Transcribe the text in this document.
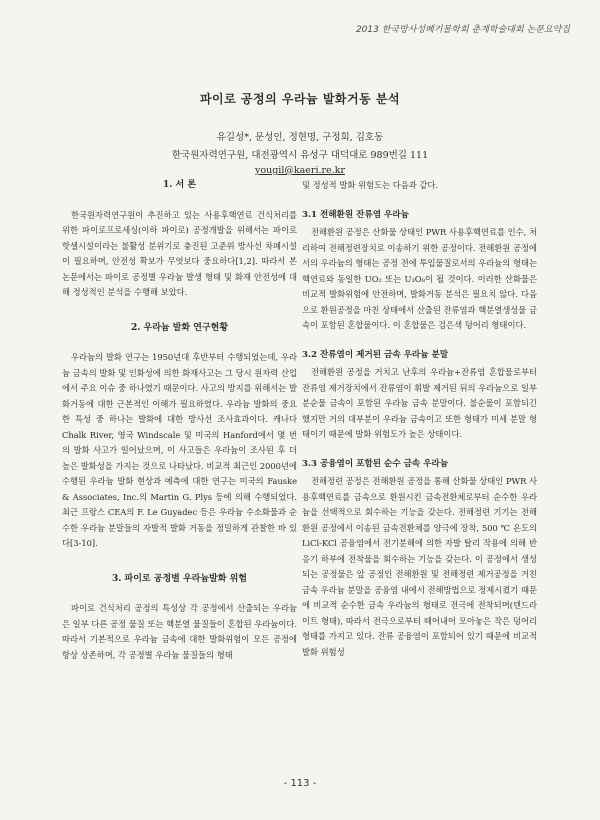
2013 한국방사성폐기물학회 춘계학술대회 논문요약집
파이로 공정의 우라늄 발화거동 분석
유길성*, 문성인, 정현명, 구정회, 김호동
한국원자력연구원, 대전광역시 유성구 대덕대로 989번길 111
yougil@kaeri.re.kr
1. 서 론

한국원자력연구원이 추진하고 있는 사용후핵연료 건식처리를 위한 파이로프로세싱(이하 파이로) 공정개발을 위해서는 파이로 핫셀시설이라는 불활성 분위기로 충진된 고준위 방사선 차폐시설이 필요하며, 안전성 확보가 무엇보다 중요하다[1,2]. 따라서 본 논문에서는 파이로 공정별 우라늄 발생 형태 및 화재 안전성에 대해 정성적인 분석을 수행해 보았다.

2. 우라늄 발화 연구현황

우라늄의 발화 연구는 1950년대 후반부터 수행되었는데, 우라늄 금속의 발화 및 인화성에 의한 화재사고는 그 당시 원자력 산업에서 주요 이슈 중 하나였기 때문이다. 사고의 방지를 위해서는 발화거동에 대한 근본적인 이해가 필요하였다. 우라늄 발화의 중요한 특성 중 하나는 발화에 대한 방사선 조사효과이다. 캐나다 Chalk River, 영국 Windscale 및 미국의 Hanford에서 몇 번의 발화 사고가 일어났으며, 이 사고들은 우라늄이 조사된 후 더 높은 발화성을 가지는 것으로 나타났다. 비교적 최근인 2000년에 수행된 우라늄 발화 현상과 예측에 대한 연구는 미국의 Fauske & Associates, Inc.의 Martin G. Plys 등에 의해 수행되었다. 최근 프랑스 CEA의 F. Le Guyadec 등은 우라늄 수소화물과 순수한 우라늄 분말들의 자발적 발화 거동을 정밀하게 관찰한 바 있다[3-10].

3. 파이로 공정별 우라늄발화 위험

파이로 건식처리 공정의 특성상 각 공정에서 산출되는 우라늄은 일부 다른 공정 물질 또는 핵분열 물질들이 혼합된 우라늄이다. 따라서 기본적으로 우라늄 금속에 대한 발화위험이 모든 공정에 항상 상존하며, 각 공정별 우라늄 물질들의 형태

및 정성적 발화 위험도는 다음과 같다.

3.1 전해환원 잔류염 우라늄

전해환원 공정은 산화물 상태인 PWR 사용후핵연료를 인수, 처리하여 전해정련장치로 이송하기 위한 공정이다. 전해환원 공정에서의 우라늄의 형태는 공정 전에 투입물질로서의 우라늄의 형태는 핵연료와 동일한 UO₂ 또는 U₃O₈이 될 것이다. 이러한 산화물은 비교적 발화위험에 안전하며, 발화거동 분석은 필요치 않다. 다음으로 환원공정을 마친 상태에서 산출된 잔류염과 핵분열생성물 금속이 포함된 혼합물이다. 이 혼합물은 검은색 덩어리 형태이다.

3.2 잔류염이 제거된 금속 우라늄 분말

전해환원 공정을 거치고 난후의 우라늄+잔류염 혼합물로부터 잔류염 제거장치에서 잔류염이 휘발 제거된 뒤의 우라늄으로 일부 분순물 금속이 포함된 우라늄 금속 분말이다. 불순물이 포함되긴 했지만 거의 대부분이 우라늄 금속이고 또한 형태가 미세 분말 형태이기 때문에 발화 위험도가 높은 상태이다.

3.3 공융염이 포함된 순수 금속 우라늄

전해정련 공정은 전해환원 공정을 통해 산화물 상태인 PWR 사용후핵연료를 금속으로 환원시킨 금속전환체로부터 순수한 우라늄을 선택적으로 회수하는 기능을 갖는다. 전해정련 기기는 전해환원 공정에서 이송된 금속전환체를 양극에 장착, 500 ℃ 온도의 LiCl-KCl 공융염에서 전기분해에 의한 자발 탈리 작용에 의해 반응기 하부에 전착물을 회수하는 기능을 갖는다. 이 공정에서 생성되는 공정물은 앞 공정인 전해환원 및 전해정련 제거공정을 거친 금속 우라늄 분말을 공융염 내에서 전해방법으로 정제시켰기 때문에 비교적 순수한 금속 우라늄의 형태로 전극에 전착되며(덴드라이트 형태), 따라서 전극으로부터 떼어내어 모아놓은 작은 덩어리 형태를 가지고 있다. 잔류 공융염이 포함되어 있기 때문에 비교적 발화 위험성

- 113 -
